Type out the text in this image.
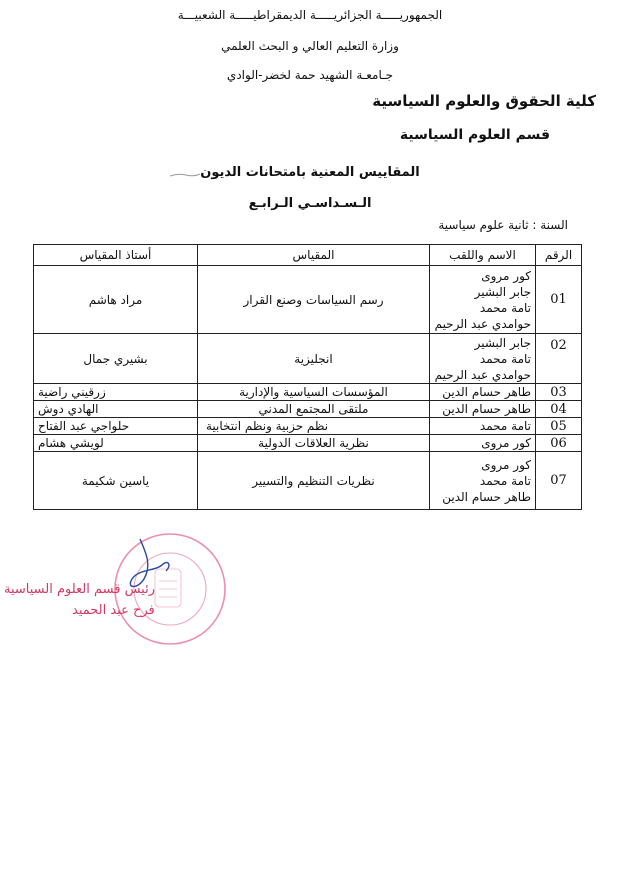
الجمهوريـــــة الجزائريـــــة الديمقراطيـــــة الشعبيـــة
وزارة التعليم العالي و البحث العلمي
جـامعـة الشهيد حمة لخضر-الوادي
كلية الحقوق والعلوم السياسية
قسم العلوم السياسية
المقاييس المعنية بامتحانات الديون
الـسـداسـي الـرابـع
السنة : ثانية علوم سياسية
الرقم	الاسم واللقب	المقياس	أستاذ المقياس
01	كور مروى
جابر البشير
تامة محمد
حوامدي عبد الرحيم	رسم السياسات وصنع القرار	مراد هاشم
02	جابر البشير
تامة محمد
حوامدي عبد الرحيم	انجليزية	بشيري جمال
03	طاهر حسام الدين	المؤسسات السياسية والإدارية	زرقيني راضية
04	طاهر حسام الدين	ملتقى المجتمع المدني	الهادي دوش
05	تامة محمد	نظم حزبية ونظم انتخابية	حلواجي عبد الفتاح
06	كور مروى	نظرية العلاقات الدولية	لويشي هشام
07	كور مروى
تامة محمد
طاهر حسام الدين	نظريات التنظيم والتسيير	ياسين شكيمة
رئيس قسم العلوم السياسية
فرح عبد الحميد
